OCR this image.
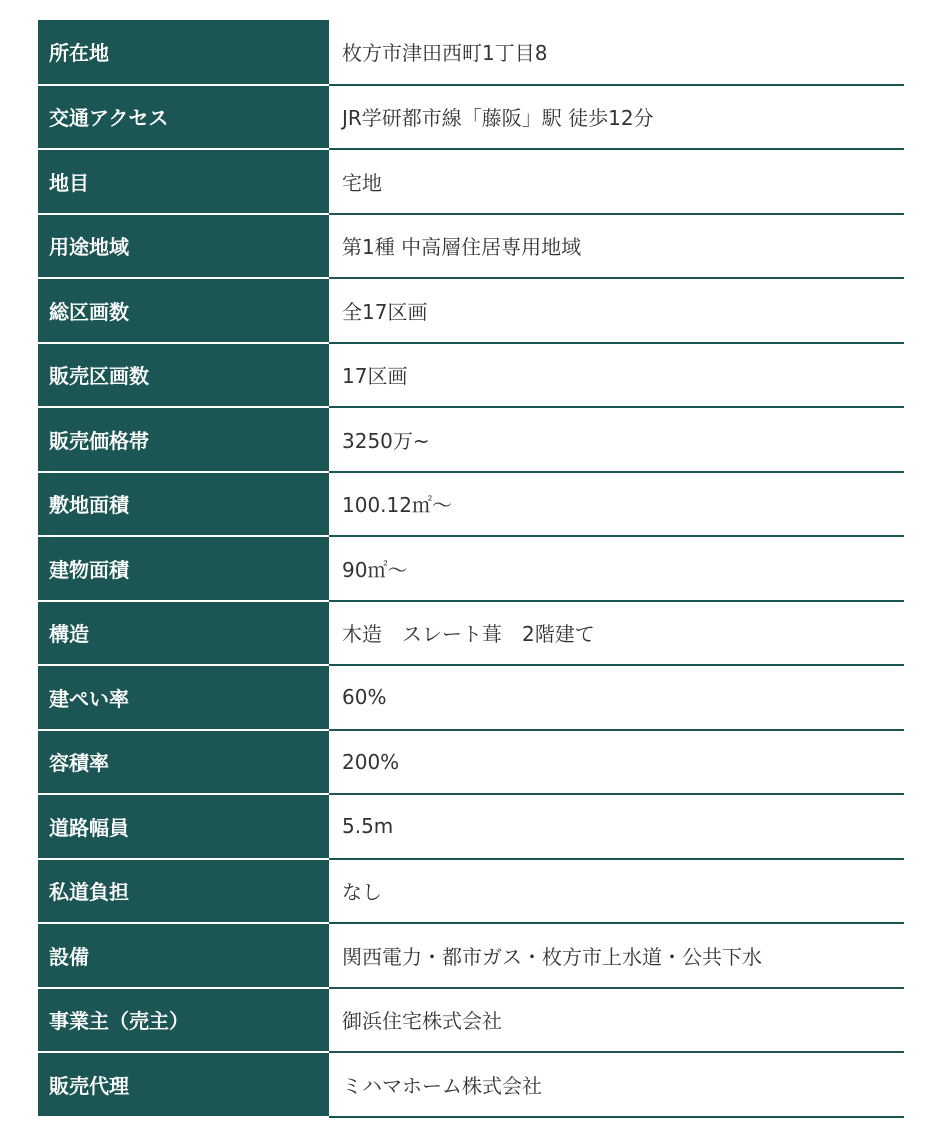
所在地	枚方市津田西町1丁目8
交通アクセス	JR学研都市線「藤阪」駅 徒歩12分
地目	宅地
用途地域	第1種 中高層住居専用地域
総区画数	全17区画
販売区画数	17区画
販売価格帯	3250万~
敷地面積	100.12㎡〜
建物面積	90㎡〜
構造	木造　スレート葺　2階建て
建ぺい率	60%
容積率	200%
道路幅員	5.5m
私道負担	なし
設備	関西電力・都市ガス・枚方市上水道・公共下水
事業主（売主）	御浜住宅株式会社
販売代理	ミハマホーム株式会社
